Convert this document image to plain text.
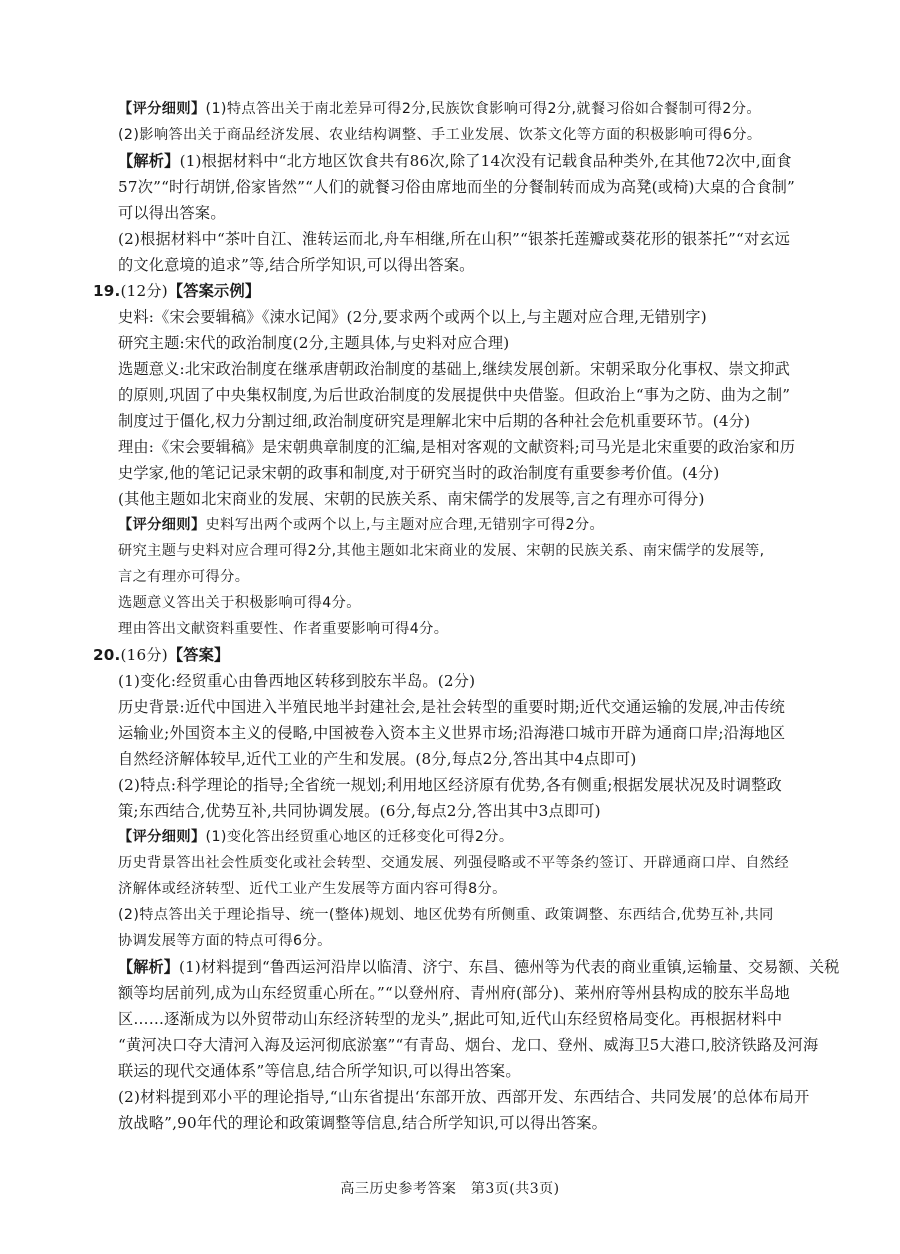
【评分细则】(1)特点答出关于南北差异可得2分,民族饮食影响可得2分,就餐习俗如合餐制可得2分。
(2)影响答出关于商品经济发展、农业结构调整、手工业发展、饮茶文化等方面的积极影响可得6分。
【解析】(1)根据材料中“北方地区饮食共有86次,除了14次没有记载食品种类外,在其他72次中,面食
57次”“时行胡饼,俗家皆然”“人们的就餐习俗由席地而坐的分餐制转而成为高凳(或椅)大桌的合食制”
可以得出答案。
(2)根据材料中“茶叶自江、淮转运而北,舟车相继,所在山积”“银茶托莲瓣或葵花形的银茶托”“对玄远
的文化意境的追求”等,结合所学知识,可以得出答案。
19.(12分)【答案示例】
史料:《宋会要辑稿》《涑水记闻》(2分,要求两个或两个以上,与主题对应合理,无错别字)
研究主题:宋代的政治制度(2分,主题具体,与史料对应合理)
选题意义:北宋政治制度在继承唐朝政治制度的基础上,继续发展创新。宋朝采取分化事权、崇文抑武
的原则,巩固了中央集权制度,为后世政治制度的发展提供中央借鉴。但政治上“事为之防、曲为之制”
制度过于僵化,权力分割过细,政治制度研究是理解北宋中后期的各种社会危机重要环节。(4分)
理由:《宋会要辑稿》是宋朝典章制度的汇编,是相对客观的文献资料;司马光是北宋重要的政治家和历
史学家,他的笔记记录宋朝的政事和制度,对于研究当时的政治制度有重要参考价值。(4分)
(其他主题如北宋商业的发展、宋朝的民族关系、南宋儒学的发展等,言之有理亦可得分)
【评分细则】史料写出两个或两个以上,与主题对应合理,无错别字可得2分。
研究主题与史料对应合理可得2分,其他主题如北宋商业的发展、宋朝的民族关系、南宋儒学的发展等,
言之有理亦可得分。
选题意义答出关于积极影响可得4分。
理由答出文献资料重要性、作者重要影响可得4分。
20.(16分)【答案】
(1)变化:经贸重心由鲁西地区转移到胶东半岛。(2分)
历史背景:近代中国进入半殖民地半封建社会,是社会转型的重要时期;近代交通运输的发展,冲击传统
运输业;外国资本主义的侵略,中国被卷入资本主义世界市场;沿海港口城市开辟为通商口岸;沿海地区
自然经济解体较早,近代工业的产生和发展。(8分,每点2分,答出其中4点即可)
(2)特点:科学理论的指导;全省统一规划;利用地区经济原有优势,各有侧重;根据发展状况及时调整政
策;东西结合,优势互补,共同协调发展。(6分,每点2分,答出其中3点即可)
【评分细则】(1)变化答出经贸重心地区的迁移变化可得2分。
历史背景答出社会性质变化或社会转型、交通发展、列强侵略或不平等条约签订、开辟通商口岸、自然经
济解体或经济转型、近代工业产生发展等方面内容可得8分。
(2)特点答出关于理论指导、统一(整体)规划、地区优势有所侧重、政策调整、东西结合,优势互补,共同
协调发展等方面的特点可得6分。
【解析】(1)材料提到“鲁西运河沿岸以临清、济宁、东昌、德州等为代表的商业重镇,运输量、交易额、关税
额等均居前列,成为山东经贸重心所在。”“以登州府、青州府(部分)、莱州府等州县构成的胶东半岛地
区……逐渐成为以外贸带动山东经济转型的龙头”,据此可知,近代山东经贸格局变化。再根据材料中
“黄河决口夺大清河入海及运河彻底淤塞”“有青岛、烟台、龙口、登州、威海卫5大港口,胶济铁路及河海
联运的现代交通体系”等信息,结合所学知识,可以得出答案。
(2)材料提到邓小平的理论指导,“山东省提出‘东部开放、西部开发、东西结合、共同发展’的总体布局开
放战略”,90年代的理论和政策调整等信息,结合所学知识,可以得出答案。
高三历史参考答案　第3页(共3页)
